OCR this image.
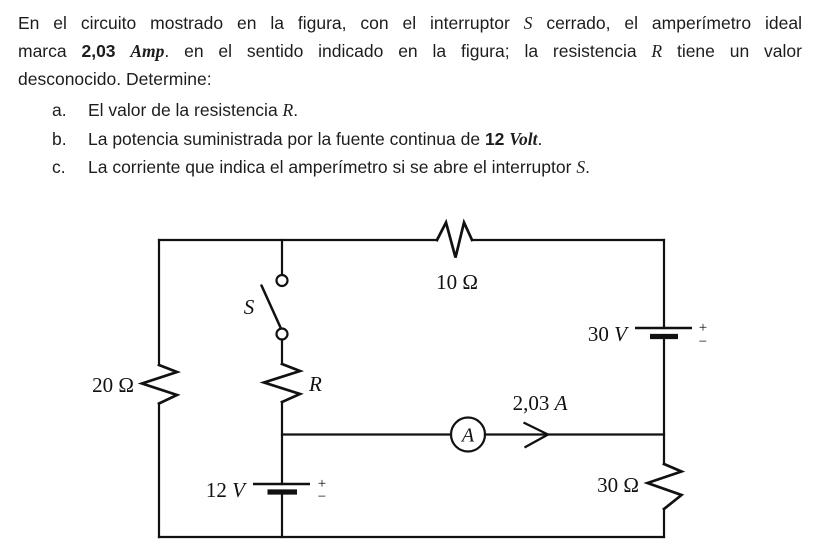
En el circuito mostrado en la figura, con el interruptor S cerrado, el amperímetro ideal
marca 2,03 Amp. en el sentido indicado en la figura; la resistencia R tiene un valor
desconocido. Determine:
a.	El valor de la resistencia R.
b.	La potencia suministrada por la fuente continua de 12 Volt.
c.	La corriente que indica el amperímetro si se abre el interruptor S.
A
20 Ω
10 Ω
30 Ω
R
S
12 V
30 V
2,03 A
+
−
+
−
